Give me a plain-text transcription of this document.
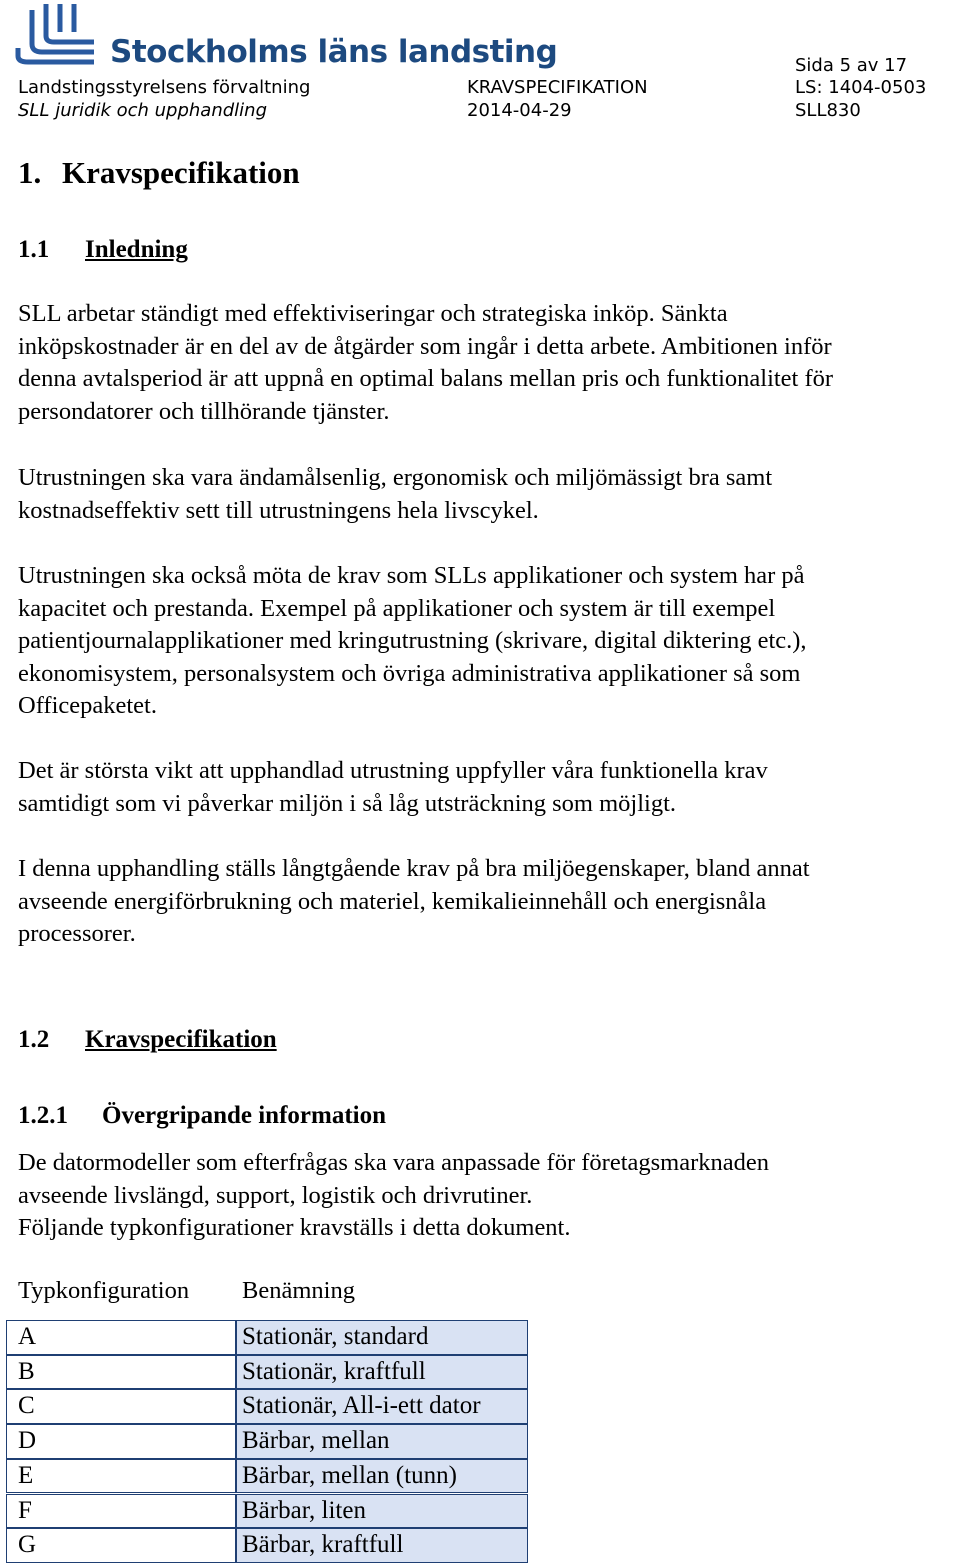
Stockholms läns landsting	Sida 5 av 17
Landstingsstyrelsens förvaltning
SLL juridik och upphandling
KRAVSPECIFIKATION
2014-04-29
LS: 1404-0503
SLL830
1. Kravspecifikation
1.1 Inledning
SLL arbetar ständigt med effektiviseringar och strategiska inköp. Sänkta
inköpskostnader är en del av de åtgärder som ingår i detta arbete. Ambitionen inför
denna avtalsperiod är att uppnå en optimal balans mellan pris och funktionalitet för
persondatorer och tillhörande tjänster.
Utrustningen ska vara ändamålsenlig, ergonomisk och miljömässigt bra samt
kostnadseffektiv sett till utrustningens hela livscykel.
Utrustningen ska också möta de krav som SLLs applikationer och system har på
kapacitet och prestanda. Exempel på applikationer och system är till exempel
patientjournalapplikationer med kringutrustning (skrivare, digital diktering etc.),
ekonomisystem, personalsystem och övriga administrativa applikationer så som
Officepaketet.
Det är största vikt att upphandlad utrustning uppfyller våra funktionella krav
samtidigt som vi påverkar miljön i så låg utsträckning som möjligt.
I denna upphandling ställs långtgående krav på bra miljöegenskaper, bland annat
avseende energiförbrukning och materiel, kemikalieinnehåll och energisnåla
processorer.
1.2 Kravspecifikation
1.2.1 Övergripande information
De datormodeller som efterfrågas ska vara anpassade för företagsmarknaden
avseende livslängd, support, logistik och drivrutiner.
Följande typkonfigurationer kravställs i detta dokument.
Typkonfiguration Benämning
A	Stationär, standard
B	Stationär, kraftfull
C	Stationär, All-i-ett dator
D	Bärbar, mellan
E	Bärbar, mellan (tunn)
F	Bärbar, liten
G	Bärbar, kraftfull
